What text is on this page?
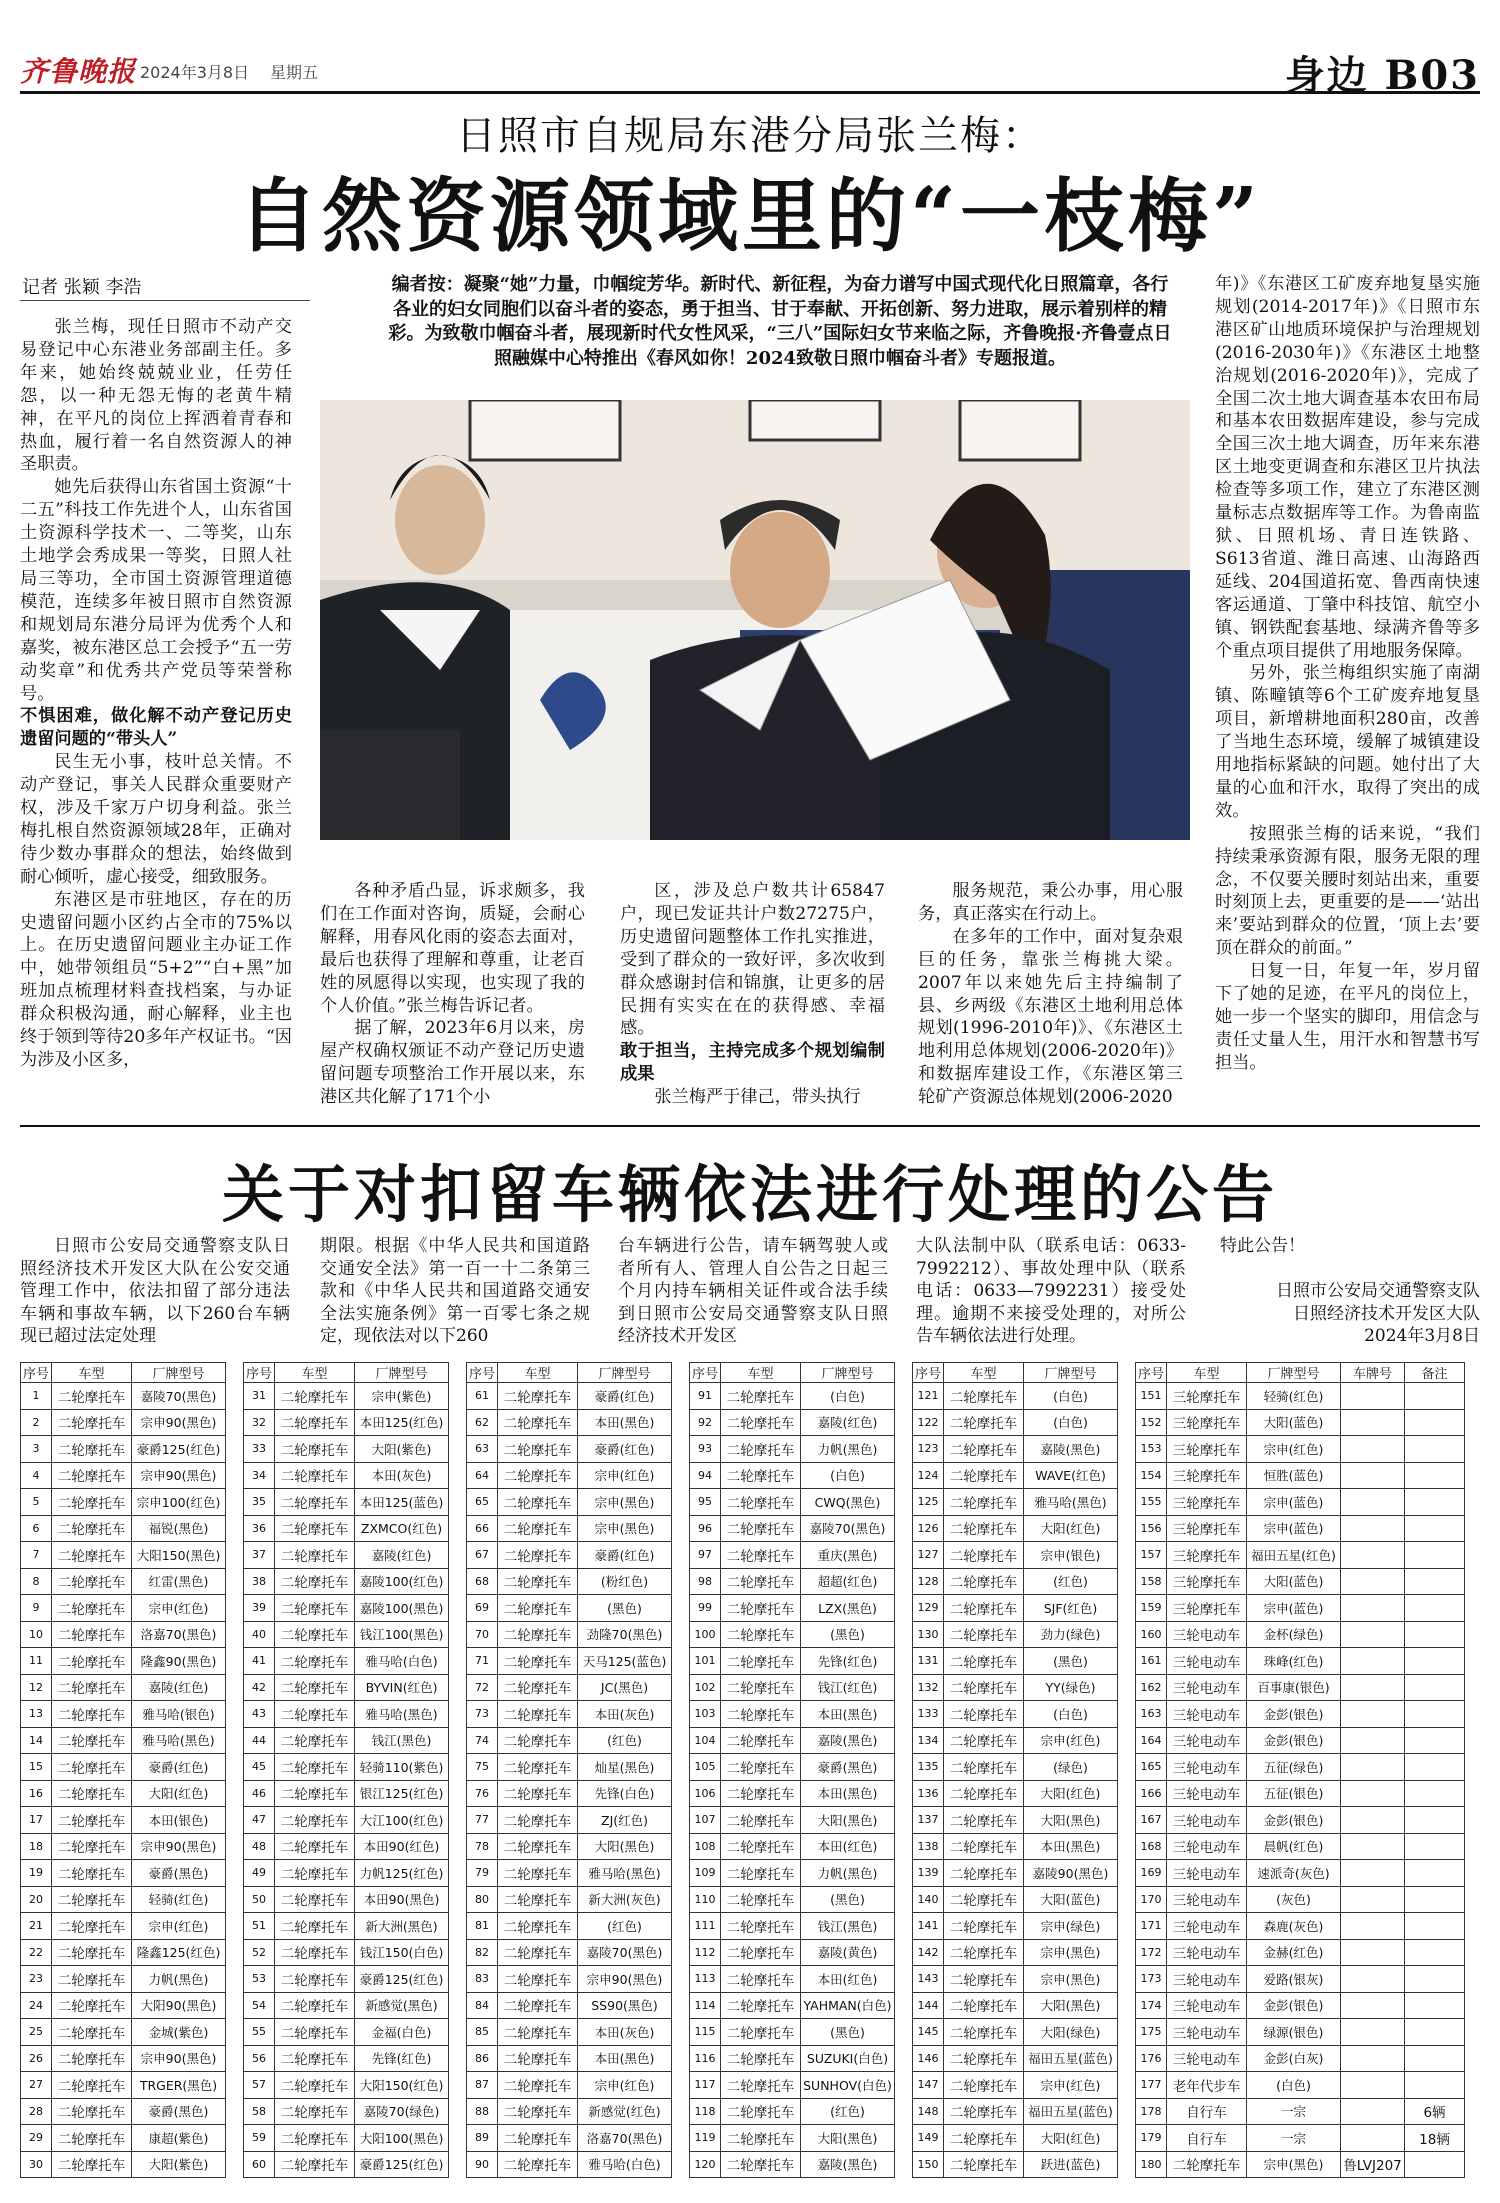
齐鲁晚报 2024年3月8日 星期五	身边 B03
日照市自规局东港分局张兰梅：
自然资源领域里的“一枝梅”
记者 张颖 李浩	编者按：凝聚“她”力量，巾帼绽芳华。新时代、新征程，为奋力谱写中国式现代化日照篇章，各行各业的妇女同胞们以奋斗者的姿态，勇于担当、甘于奉献、开拓创新、努力进取，展示着别样的精彩。为致敬巾帼奋斗者，展现新时代女性风采，“三八”国际妇女节来临之际，齐鲁晚报·齐鲁壹点日照融媒中心特推出《春风如你！2024致敬日照巾帼奋斗者》专题报道。

张兰梅，现任日照市不动产交易登记中心东港业务部副主任。多年来，她始终兢兢业业，任劳任怨，以一种无怨无悔的老黄牛精神，在平凡的岗位上挥洒着青春和热血，履行着一名自然资源人的神圣职责。

她先后获得山东省国土资源“十二五”科技工作先进个人，山东省国土资源科学技术一、二等奖，山东土地学会秀成果一等奖，日照人社局三等功，全市国土资源管理道德模范，连续多年被日照市自然资源和规划局东港分局评为优秀个人和嘉奖，被东港区总工会授予“五一劳动奖章”和优秀共产党员等荣誉称号。

不惧困难，做化解不动产登记历史遗留问题的“带头人”

民生无小事，枝叶总关情。不动产登记，事关人民群众重要财产权，涉及千家万户切身利益。张兰梅扎根自然资源领域28年，正确对待少数办事群众的想法，始终做到耐心倾听，虚心接受，细致服务。

东港区是市驻地区，存在的历史遗留问题小区约占全市的75%以上。在历史遗留问题业主办证工作中，她带领组员“5+2”“白+黑”加班加点梳理材料查找档案，与办证群众积极沟通，耐心解释，业主也终于领到等待20多年产权证书。“因为涉及小区多，

各种矛盾凸显，诉求颇多，我们在工作面对咨询，质疑，会耐心解释，用春风化雨的姿态去面对，最后也获得了理解和尊重，让老百姓的夙愿得以实现，也实现了我的个人价值。”张兰梅告诉记者。

据了解，2023年6月以来，房屋产权确权颁证不动产登记历史遗留问题专项整治工作开展以来，东港区共化解了171个小

区，涉及总户数共计65847户，现已发证共计户数27275户，历史遗留问题整体工作扎实推进，受到了群众的一致好评，多次收到群众感谢封信和锦旗，让更多的居民拥有实实在在的获得感、幸福感。

敢于担当，主持完成多个规划编制成果

张兰梅严于律己，带头执行

服务规范，秉公办事，用心服务，真正落实在行动上。

在多年的工作中，面对复杂艰巨的任务，靠张兰梅挑大梁。2007年以来她先后主持编制了县、乡两级《东港区土地利用总体规划(1996-2010年)》、《东港区土地利用总体规划(2006-2020年)》和数据库建设工作，《东港区第三轮矿产资源总体规划(2006-2020

年)》《东港区工矿废弃地复垦实施规划(2014-2017年)》《日照市东港区矿山地质环境保护与治理规划(2016-2030年)》《东港区土地整治规划(2016-2020年)》，完成了全国二次土地大调查基本农田布局和基本农田数据库建设，参与完成全国三次土地大调查，历年来东港区土地变更调查和东港区卫片执法检查等多项工作，建立了东港区测量标志点数据库等工作。为鲁南监狱、日照机场、青日连铁路、S613省道、潍日高速、山海路西延线、204国道拓宽、鲁西南快速客运通道、丁肇中科技馆、航空小镇、钢铁配套基地、绿满齐鲁等多个重点项目提供了用地服务保障。

另外，张兰梅组织实施了南湖镇、陈疃镇等6个工矿废弃地复垦项目，新增耕地面积280亩，改善了当地生态环境，缓解了城镇建设用地指标紧缺的问题。她付出了大量的心血和汗水，取得了突出的成效。

按照张兰梅的话来说，“我们持续秉承资源有限，服务无限的理念，不仅要关腰时刻站出来，重要时刻顶上去，更重要的是——‘站出来’要站到群众的位置，‘顶上去’要顶在群众的前面。”

日复一日，年复一年，岁月留下了她的足迹，在平凡的岗位上，她一步一个坚实的脚印，用信念与责任丈量人生，用汗水和智慧书写担当。

关于对扣留车辆依法进行处理的公告

日照市公安局交通警察支队日照经济技术开发区大队在公安交通管理工作中，依法扣留了部分违法车辆和事故车辆，以下260台车辆现已超过法定处理

期限。根据《中华人民共和国道路交通安全法》第一百一十二条第三款和《中华人民共和国道路交通安全法实施条例》第一百零七条之规定，现依法对以下260

台车辆进行公告，请车辆驾驶人或者所有人、管理人自公告之日起三个月内持车辆相关证件或合法手续到日照市公安局交通警察支队日照经济技术开发区

大队法制中队（联系电话：0633-7992212）、事故处理中队（联系电话：0633—7992231）接受处理。逾期不来接受处理的，对所公告车辆依法进行处理。

特此公告！
日照市公安局交通警察支队
日照经济技术开发区大队
2024年3月8日
序号	车型	厂牌型号
1	二轮摩托车	嘉陵70(黑色)
2	二轮摩托车	宗申90(黑色)
3	二轮摩托车	豪爵125(红色)
4	二轮摩托车	宗申90(黑色)
5	二轮摩托车	宗申100(红色)
6	二轮摩托车	福锐(黑色)
7	二轮摩托车	大阳150(黑色)
8	二轮摩托车	红雷(黑色)
9	二轮摩托车	宗申(红色)
10	二轮摩托车	洛嘉70(黑色)
11	二轮摩托车	隆鑫90(黑色)
12	二轮摩托车	嘉陵(红色)
13	二轮摩托车	雅马哈(银色)
14	二轮摩托车	雅马哈(黑色)
15	二轮摩托车	豪爵(红色)
16	二轮摩托车	大阳(红色)
17	二轮摩托车	本田(银色)
18	二轮摩托车	宗申90(黑色)
19	二轮摩托车	豪爵(黑色)
20	二轮摩托车	轻骑(红色)
21	二轮摩托车	宗申(红色)
22	二轮摩托车	隆鑫125(红色)
23	二轮摩托车	力帆(黑色)
24	二轮摩托车	大阳90(黑色)
25	二轮摩托车	金城(紫色)
26	二轮摩托车	宗申90(黑色)
27	二轮摩托车	TRGER(黑色)
28	二轮摩托车	豪爵(黑色)
29	二轮摩托车	康超(紫色)
30	二轮摩托车	大阳(紫色)
序号	车型	厂牌型号
31	二轮摩托车	宗申(紫色)
32	二轮摩托车	本田125(红色)
33	二轮摩托车	大阳(紫色)
34	二轮摩托车	本田(灰色)
35	二轮摩托车	本田125(蓝色)
36	二轮摩托车	ZXMCO(红色)
37	二轮摩托车	嘉陵(红色)
38	二轮摩托车	嘉陵100(红色)
39	二轮摩托车	嘉陵100(黑色)
40	二轮摩托车	钱江100(黑色)
41	二轮摩托车	雅马哈(白色)
42	二轮摩托车	BYVIN(红色)
43	二轮摩托车	雅马哈(黑色)
44	二轮摩托车	钱江(黑色)
45	二轮摩托车	轻骑110(紫色)
46	二轮摩托车	银江125(红色)
47	二轮摩托车	大江100(红色)
48	二轮摩托车	本田90(红色)
49	二轮摩托车	力帆125(红色)
50	二轮摩托车	本田90(黑色)
51	二轮摩托车	新大洲(黑色)
52	二轮摩托车	钱江150(白色)
53	二轮摩托车	豪爵125(红色)
54	二轮摩托车	新感觉(黑色)
55	二轮摩托车	金福(白色)
56	二轮摩托车	先锋(红色)
57	二轮摩托车	大阳150(红色)
58	二轮摩托车	嘉陵70(绿色)
59	二轮摩托车	大阳100(黑色)
60	二轮摩托车	豪爵125(红色)
序号	车型	厂牌型号
61	二轮摩托车	豪爵(红色)
62	二轮摩托车	本田(黑色)
63	二轮摩托车	豪爵(红色)
64	二轮摩托车	宗申(红色)
65	二轮摩托车	宗申(黑色)
66	二轮摩托车	宗申(黑色)
67	二轮摩托车	豪爵(红色)
68	二轮摩托车	(粉红色)
69	二轮摩托车	(黑色)
70	二轮摩托车	劲隆70(黑色)
71	二轮摩托车	天马125(蓝色)
72	二轮摩托车	JC(黑色)
73	二轮摩托车	本田(灰色)
74	二轮摩托车	(红色)
75	二轮摩托车	灿星(黑色)
76	二轮摩托车	先锋(白色)
77	二轮摩托车	ZJ(红色)
78	二轮摩托车	大阳(黑色)
79	二轮摩托车	雅马哈(黑色)
80	二轮摩托车	新大洲(灰色)
81	二轮摩托车	(红色)
82	二轮摩托车	嘉陵70(黑色)
83	二轮摩托车	宗申90(黑色)
84	二轮摩托车	SS90(黑色)
85	二轮摩托车	本田(灰色)
86	二轮摩托车	本田(黑色)
87	二轮摩托车	宗申(红色)
88	二轮摩托车	新感觉(红色)
89	二轮摩托车	洛嘉70(黑色)
90	二轮摩托车	雅马哈(白色)
序号	车型	厂牌型号
91	二轮摩托车	(白色)
92	二轮摩托车	嘉陵(红色)
93	二轮摩托车	力帆(黑色)
94	二轮摩托车	(白色)
95	二轮摩托车	CWQ(黑色)
96	二轮摩托车	嘉陵70(黑色)
97	二轮摩托车	重庆(黑色)
98	二轮摩托车	超超(红色)
99	二轮摩托车	LZX(黑色)
100	二轮摩托车	(黑色)
101	二轮摩托车	先锋(红色)
102	二轮摩托车	钱江(红色)
103	二轮摩托车	本田(黑色)
104	二轮摩托车	嘉陵(黑色)
105	二轮摩托车	豪爵(黑色)
106	二轮摩托车	本田(黑色)
107	二轮摩托车	大阳(黑色)
108	二轮摩托车	本田(红色)
109	二轮摩托车	力帆(黑色)
110	二轮摩托车	(黑色)
111	二轮摩托车	钱江(黑色)
112	二轮摩托车	嘉陵(黄色)
113	二轮摩托车	本田(红色)
114	二轮摩托车	YAHMAN(白色)
115	二轮摩托车	(黑色)
116	二轮摩托车	SUZUKI(白色)
117	二轮摩托车	SUNHOV(白色)
118	二轮摩托车	(红色)
119	二轮摩托车	大阳(黑色)
120	二轮摩托车	嘉陵(黑色)
序号	车型	厂牌型号
121	二轮摩托车	(白色)
122	二轮摩托车	(白色)
123	二轮摩托车	嘉陵(黑色)
124	二轮摩托车	WAVE(红色)
125	二轮摩托车	雅马哈(黑色)
126	二轮摩托车	大阳(红色)
127	二轮摩托车	宗申(银色)
128	二轮摩托车	(红色)
129	二轮摩托车	SJF(红色)
130	二轮摩托车	劲力(绿色)
131	二轮摩托车	(黑色)
132	二轮摩托车	YY(绿色)
133	二轮摩托车	(白色)
134	二轮摩托车	宗申(红色)
135	二轮摩托车	(绿色)
136	二轮摩托车	大阳(红色)
137	二轮摩托车	大阳(黑色)
138	二轮摩托车	本田(黑色)
139	二轮摩托车	嘉陵90(黑色)
140	二轮摩托车	大阳(蓝色)
141	二轮摩托车	宗申(绿色)
142	二轮摩托车	宗申(黑色)
143	二轮摩托车	宗申(黑色)
144	二轮摩托车	大阳(黑色)
145	二轮摩托车	大阳(绿色)
146	二轮摩托车	福田五星(蓝色)
147	二轮摩托车	宗申(红色)
148	二轮摩托车	福田五星(蓝色)
149	二轮摩托车	大阳(红色)
150	二轮摩托车	跃进(蓝色)
序号	车型	厂牌型号	车牌号	备注
151	三轮摩托车	轻骑(红色)		
152	三轮摩托车	大阳(蓝色)		
153	三轮摩托车	宗申(红色)		
154	三轮摩托车	恒胜(蓝色)		
155	三轮摩托车	宗申(蓝色)		
156	三轮摩托车	宗申(蓝色)		
157	三轮摩托车	福田五星(红色)		
158	三轮摩托车	大阳(蓝色)		
159	三轮摩托车	宗申(蓝色)		
160	三轮电动车	金杯(绿色)		
161	三轮电动车	珠峰(红色)		
162	三轮电动车	百事康(银色)		
163	三轮电动车	金彭(银色)		
164	三轮电动车	金彭(银色)		
165	三轮电动车	五征(绿色)		
166	三轮电动车	五征(银色)		
167	三轮电动车	金彭(银色)		
168	三轮电动车	晨帆(红色)		
169	三轮电动车	速派奇(灰色)		
170	三轮电动车	(灰色)		
171	三轮电动车	森鹿(灰色)		
172	三轮电动车	金赫(红色)		
173	三轮电动车	爱路(银灰)		
174	三轮电动车	金彭(银色)		
175	三轮电动车	绿源(银色)		
176	三轮电动车	金彭(白灰)		
177	老年代步车	(白色)		
178	自行车	一宗		6辆
179	自行车	一宗		18辆
180	二轮摩托车	宗申(黑色)	鲁LVJ207	
